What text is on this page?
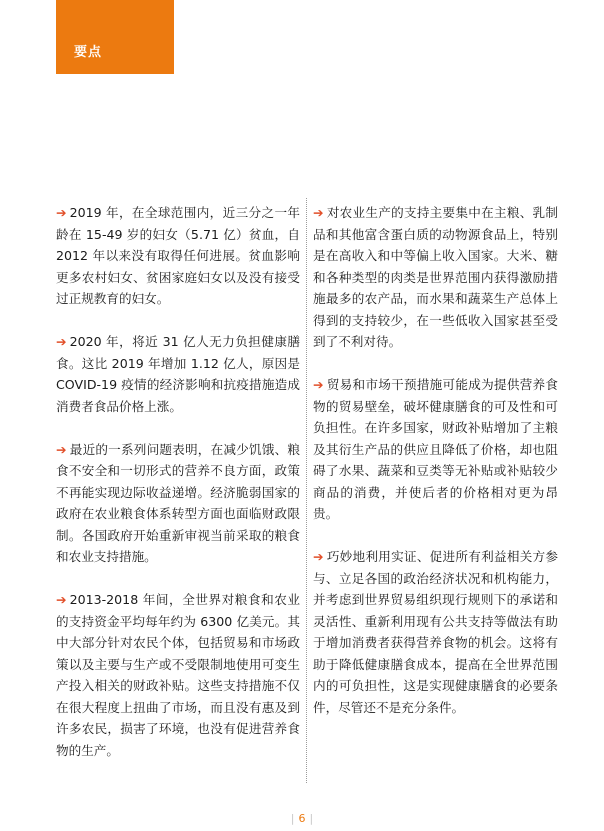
要点

➔ 2019 年，在全球范围内，近三分之一年龄在 15-49 岁的妇女（5.71 亿）贫血，自 2012 年以来没有取得任何进展。贫血影响更多农村妇女、贫困家庭妇女以及没有接受过正规教育的妇女。

➔ 2020 年，将近 31 亿人无力负担健康膳食。这比 2019 年增加 1.12 亿人，原因是 COVID-19 疫情的经济影响和抗疫措施造成消费者食品价格上涨。

➔ 最近的一系列问题表明，在减少饥饿、粮食不安全和一切形式的营养不良方面，政策不再能实现边际收益递增。经济脆弱国家的政府在农业粮食体系转型方面也面临财政限制。各国政府开始重新审视当前采取的粮食和农业支持措施。

➔ 2013-2018 年间，全世界对粮食和农业的支持资金平均每年约为 6300 亿美元。其中大部分针对农民个体，包括贸易和市场政策以及主要与生产或不受限制地使用可变生产投入相关的财政补贴。这些支持措施不仅在很大程度上扭曲了市场，而且没有惠及到许多农民，损害了环境，也没有促进营养食物的生产。

➔ 对农业生产的支持主要集中在主粮、乳制品和其他富含蛋白质的动物源食品上，特别是在高收入和中等偏上收入国家。大米、糖和各种类型的肉类是世界范围内获得激励措施最多的农产品，而水果和蔬菜生产总体上得到的支持较少，在一些低收入国家甚至受到了不利对待。

➔ 贸易和市场干预措施可能成为提供营养食物的贸易壁垒，破坏健康膳食的可及性和可负担性。在许多国家，财政补贴增加了主粮及其衍生产品的供应且降低了价格，却也阻碍了水果、蔬菜和豆类等无补贴或补贴较少商品的消费，并使后者的价格相对更为昂贵。

➔ 巧妙地利用实证、促进所有利益相关方参与、立足各国的政治经济状况和机构能力，并考虑到世界贸易组织现行规则下的承诺和灵活性、重新利用现有公共支持等做法有助于增加消费者获得营养食物的机会。这将有助于降低健康膳食成本，提高在全世界范围内的可负担性，这是实现健康膳食的必要条件，尽管还不是充分条件。

| 6 |
